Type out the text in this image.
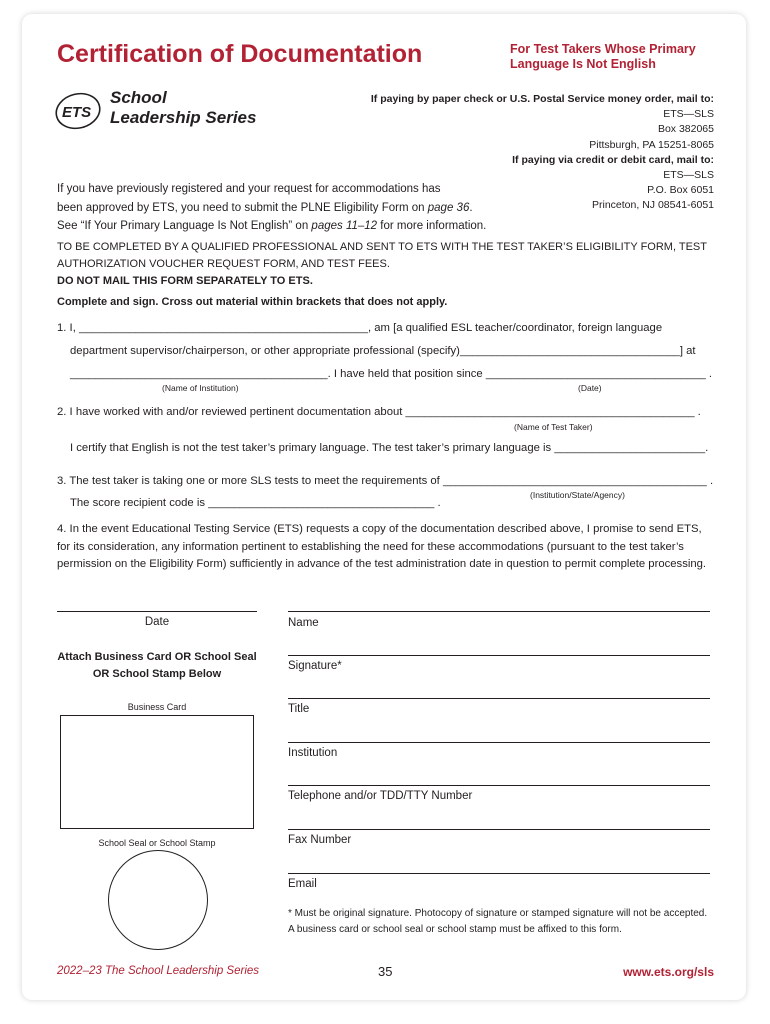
Certification of Documentation	For Test Takers Whose Primary
Language Is Not English
ETS
School
Leadership Series
If paying by paper check or U.S. Postal Service money order, mail to:
ETS—SLS
Box 382065
Pittsburgh, PA 15251-8065
If paying via credit or debit card, mail to:
ETS—SLS
P.O. Box 6051
Princeton, NJ 08541-6051
If you have previously registered and your request for accommodations has
been approved by ETS, you need to submit the PLNE Eligibility Form on page 36.
See “If Your Primary Language Is Not English” on pages 11–12 for more information.
TO BE COMPLETED BY A QUALIFIED PROFESSIONAL AND SENT TO ETS WITH THE TEST TAKER’S ELIGIBILITY FORM, TEST AUTHORIZATION VOUCHER REQUEST FORM, AND TEST FEES.
DO NOT MAIL THIS FORM SEPARATELY TO ETS.
Complete and sign. Cross out material within brackets that does not apply.
1. I, ______________________________________________, am [a qualified ESL teacher/coordinator, foreign language
department supervisor/chairperson, or other appropriate professional (specify)___________________________________] at
_________________________________________. I have held that position since ___________________________________ .
(Name of Institution)	(Date)
2. I have worked with and/or reviewed pertinent documentation about ______________________________________________ .
(Name of Test Taker)
I certify that English is not the test taker’s primary language. The test taker’s primary language is ________________________.
3. The test taker is taking one or more SLS tests to meet the requirements of __________________________________________ .
(Institution/State/Agency)
The score recipient code is ____________________________________ .
4. In the event Educational Testing Service (ETS) requests a copy of the documentation described above, I promise to send ETS, for its consideration, any information pertinent to establishing the need for these accommodations (pursuant to the test taker’s permission on the Eligibility Form) sufficiently in advance of the test administration date in question to permit complete processing.
Date
Attach Business Card OR School Seal
OR School Stamp Below
Business Card
School Seal or School Stamp
Name
Signature*
Title
Institution
Telephone and/or TDD/TTY Number
Fax Number
Email
* Must be original signature. Photocopy of signature or stamped signature will not be accepted. A business card or school seal or school stamp must be affixed to this form.
2022–23 The School Leadership Series	35	www.ets.org/sls
